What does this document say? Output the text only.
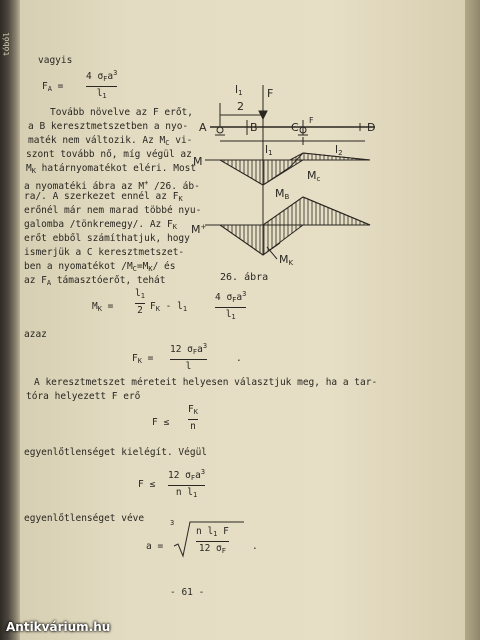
tóból
vagyis
$F_A$ =
4 $\sigma_Fa^3$
$l_1$
Tovább növelve az F erőt,
a B keresztmetszetben a nyo-
maték nem változik. Az $M_C$ vi-
szont tovább nő, míg végül az
$M_K$ határnyomatékot eléri. Most
a nyomatéki ábra az M+ /26. áb-
ra/. A szerkezet ennél az $F_K$
erőnél már nem marad többé nyu-
galomba /tönkremegy/. Az $F_K$
erőt ebből számíthatjuk, hogy
ismerjük a C keresztmetszet-
ben a nyomatékot $/M_C=M_K/$ és
az $F_A$ támasztóerőt, tehát
l1
2
F
A	B	C	D
F
l1	l2
M
MB
Mc
M+
MK
26. ábra
$M_K$ =
$l_1$
2 $F_K - l_1$
4 $\sigma_Fa^3$
$l_1$
azaz
$F_K$ =
12 $\sigma_Fa^3$
l
.
A keresztmetszet méreteit helyesen választjuk meg, ha a tar-
tóra helyezett F erő
F ≤
$F_K$
n
egyenlőtlenséget kielégít. Végül
F ≤
12 $\sigma_Fa^3$
n $l_1$
egyenlőtlenséget véve
a =
3
n $l_1$ F
12 $\sigma_F$	.
- 61 -
Antikvárium.hu
